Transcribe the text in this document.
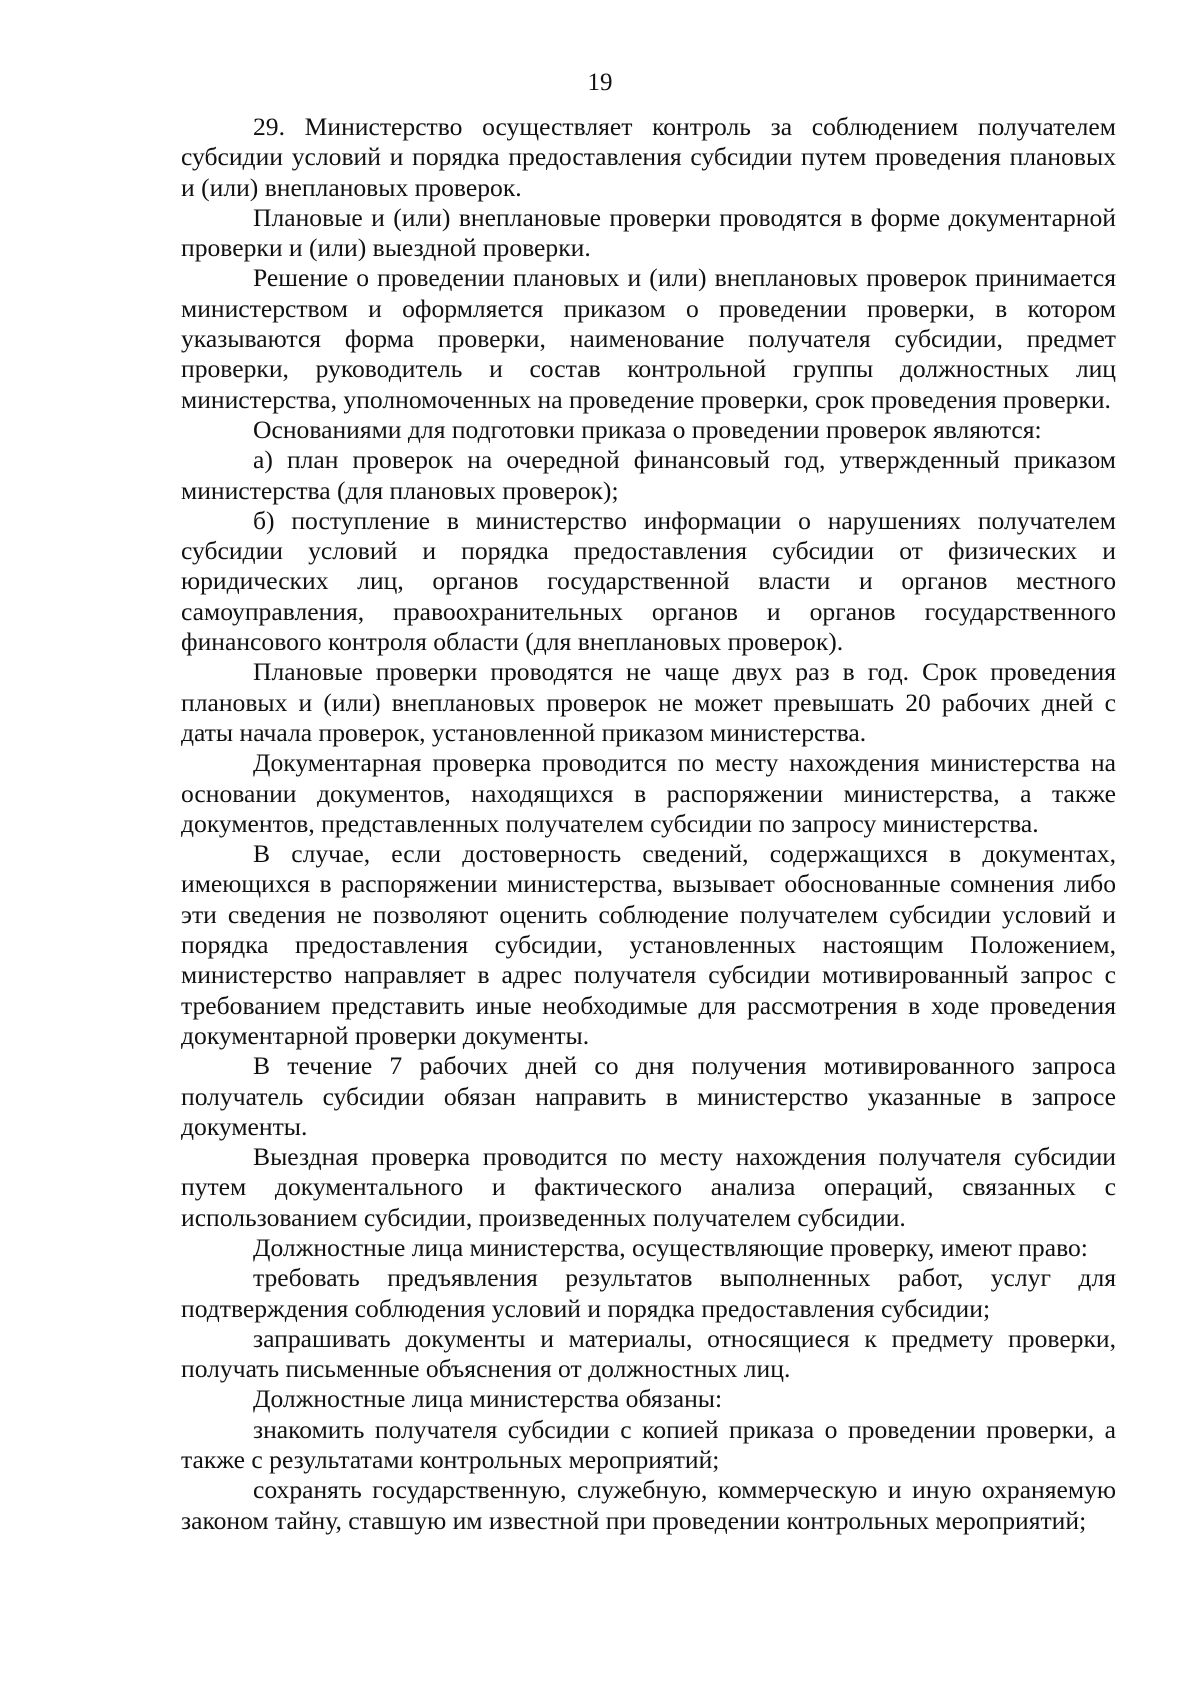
19

29. Министерство осуществляет контроль за соблюдением получателем субсидии условий и порядка предоставления субсидии путем проведения плановых и (или) внеплановых проверок.

Плановые и (или) внеплановые проверки проводятся в форме документарной проверки и (или) выездной проверки.

Решение о проведении плановых и (или) внеплановых проверок принимается министерством и оформляется приказом о проведении проверки, в котором указываются форма проверки, наименование получателя субсидии, предмет проверки, руководитель и состав контрольной группы должностных лиц министерства, уполномоченных на проведение проверки, срок проведения проверки.

Основаниями для подготовки приказа о проведении проверок являются:

а) план проверок на очередной финансовый год, утвержденный приказом министерства (для плановых проверок);

б) поступление в министерство информации о нарушениях получателем субсидии условий и порядка предоставления субсидии от физических и юридических лиц, органов государственной власти и органов местного самоуправления, правоохранительных органов и органов государственного финансового контроля области (для внеплановых проверок).

Плановые проверки проводятся не чаще двух раз в год. Срок проведения плановых и (или) внеплановых проверок не может превышать 20 рабочих дней с даты начала проверок, установленной приказом министерства.

Документарная проверка проводится по месту нахождения министерства на основании документов, находящихся в распоряжении министерства, а также документов, представленных получателем субсидии по запросу министерства.

В случае, если достоверность сведений, содержащихся в документах, имеющихся в распоряжении министерства, вызывает обоснованные сомнения либо эти сведения не позволяют оценить соблюдение получателем субсидии условий и порядка предоставления субсидии, установленных настоящим Положением, министерство направляет в адрес получателя субсидии мотивированный запрос с требованием представить иные необходимые для рассмотрения в ходе проведения документарной проверки документы.

В течение 7 рабочих дней со дня получения мотивированного запроса получатель субсидии обязан направить в министерство указанные в запросе документы.

Выездная проверка проводится по месту нахождения получателя субсидии путем документального и фактического анализа операций, связанных с использованием субсидии, произведенных получателем субсидии.

Должностные лица министерства, осуществляющие проверку, имеют право:

требовать предъявления результатов выполненных работ, услуг для подтверждения соблюдения условий и порядка предоставления субсидии;

запрашивать документы и материалы, относящиеся к предмету проверки, получать письменные объяснения от должностных лиц.

Должностные лица министерства обязаны:

знакомить получателя субсидии с копией приказа о проведении проверки, а также с результатами контрольных мероприятий;

сохранять государственную, служебную, коммерческую и иную охраняемую законом тайну, ставшую им известной при проведении контрольных мероприятий;
